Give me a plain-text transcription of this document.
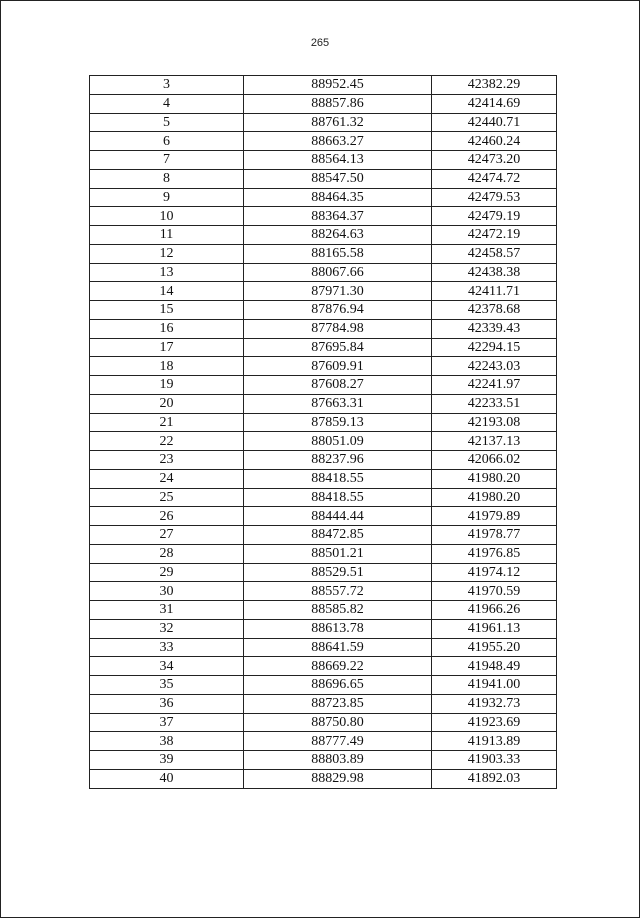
265
3	88952.45	42382.29
4	88857.86	42414.69
5	88761.32	42440.71
6	88663.27	42460.24
7	88564.13	42473.20
8	88547.50	42474.72
9	88464.35	42479.53
10	88364.37	42479.19
11	88264.63	42472.19
12	88165.58	42458.57
13	88067.66	42438.38
14	87971.30	42411.71
15	87876.94	42378.68
16	87784.98	42339.43
17	87695.84	42294.15
18	87609.91	42243.03
19	87608.27	42241.97
20	87663.31	42233.51
21	87859.13	42193.08
22	88051.09	42137.13
23	88237.96	42066.02
24	88418.55	41980.20
25	88418.55	41980.20
26	88444.44	41979.89
27	88472.85	41978.77
28	88501.21	41976.85
29	88529.51	41974.12
30	88557.72	41970.59
31	88585.82	41966.26
32	88613.78	41961.13
33	88641.59	41955.20
34	88669.22	41948.49
35	88696.65	41941.00
36	88723.85	41932.73
37	88750.80	41923.69
38	88777.49	41913.89
39	88803.89	41903.33
40	88829.98	41892.03
